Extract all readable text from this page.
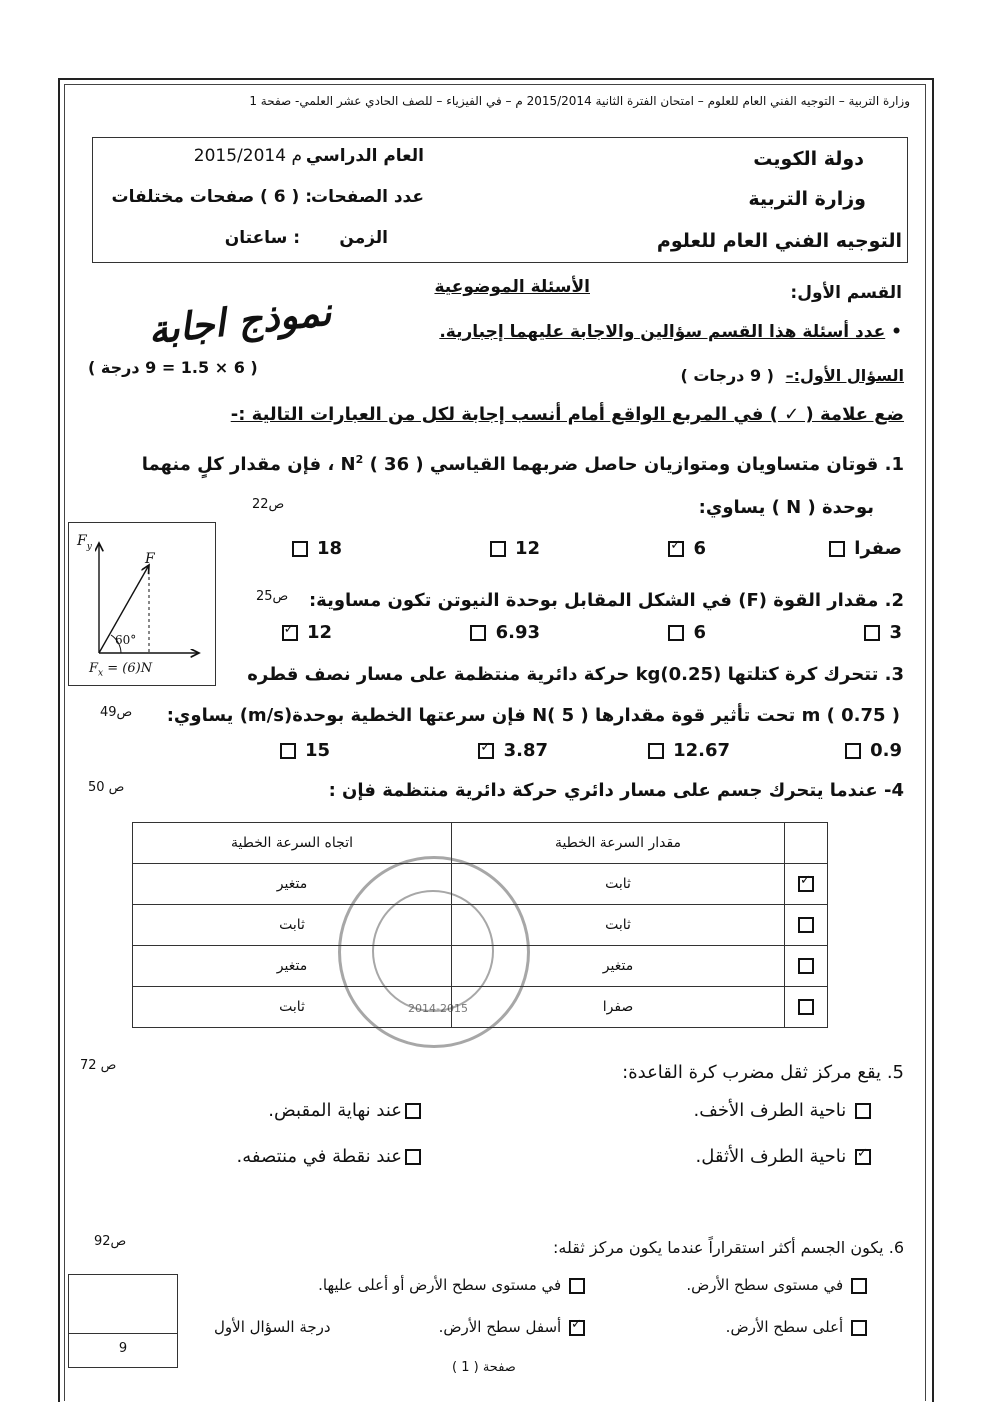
وزارة التربية – التوجيه الفني العام للعلوم – امتحان الفترة الثانية 2015/2014 م – في الفيزياء – للصف الحادي عشر العلمي- صفحة 1
دولة الكويت
وزارة التربية
التوجيه الفني العام للعلوم
العام الدراسي
2015/2014 م
عدد الصفحات
: ( 6 ) صفحات مختلفات
الزمن
: ساعتان
القسم الأول:
الأسئلة الموضوعية
نموذج اجابة	• عدد أسئلة هذا القسم سؤالين والاجابة عليهما إجبارية.
السؤال الأول:–
( 9 درجات )
( 6 × 1.5 = 9 درجة )
ضع علامة ( ✓ ) في المربع الواقع أمام أنسب إجابة لكل من العبارات التالية :-
1. قوتان متساويان ومتوازيان حاصل ضربهما القياسي $N^2$ ( 36 ) ، فإن مقدار كلٍ منهما
بوحدة ( N ) يساوي:
ص22
صفرا
✓ 6
12
18
$F_y$
F
60°
$F_x = (6)N$
2. مقدار القوة (F) في الشكل المقابل بوحدة النيوتن تكون مساوية:
ص25
3
6
6.93
✓ 12
3. تتحرك كرة كتلتها kg(0.25) حركة دائرية منتظمة على مسار نصف قطره
m ( 0.75 ) تحت تأثير قوة مقدارها N( 5 ) فإن سرعتها الخطية بوحدة(m/s) يساوي:
ص49
0.9
12.67
✓ 3.87
15
4- عندما يتحرك جسم على مسار دائري حركة دائرية منتظمة فإن :
ص 50
	مقدار السرعة الخطية	اتجاه السرعة الخطية
✓	ثابت	متغير
	ثابت	ثابت
	متغير	متغير
	صفرا	ثابت	2014-2015
5. يقع مركز ثقل مضرب كرة القاعدة:
ص 72
ناحية الطرف الأخف.
عند نهاية المقبض.
✓ ناحية الطرف الأثقل.
عند نقطة في منتصفه.
6. يكون الجسم أكثر استقراراً عندما يكون مركز ثقله:
ص92
في مستوى سطح الأرض.
في مستوى سطح الأرض أو أعلى عليها.
أعلى سطح الأرض.
✓ أسفل سطح الأرض.
9
درجة السؤال الأول
صفحة ( 1 )
